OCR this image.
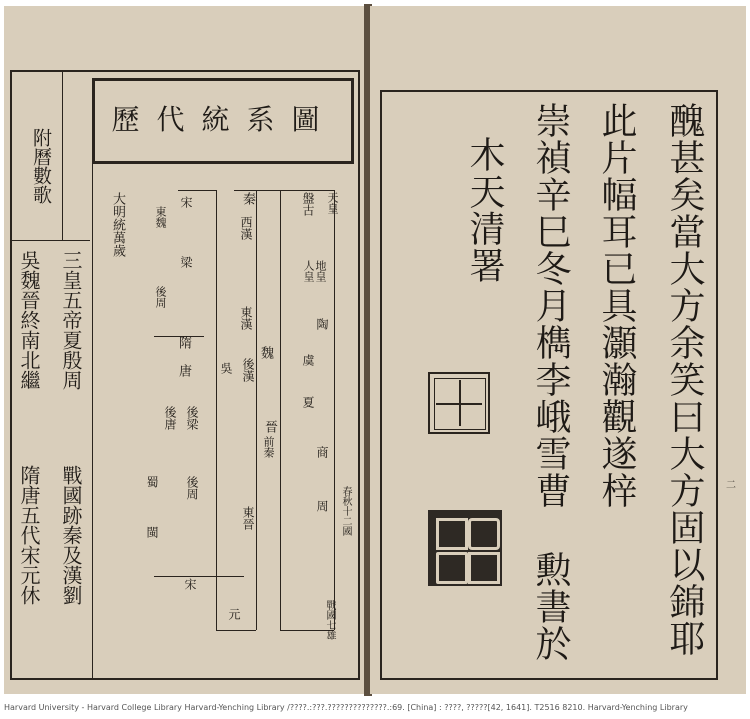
歷代統系圖
附曆數歌
三皇五帝夏殷周
戰國跡秦及漢劉
吳魏晉終南北繼
隋唐五代宋元休
大明統萬歲	宋
梁
隋
唐
東魏
後周
後梁
後唐
後周
蜀
閩
秦
西漢
東漢
晉
宋
元
吳 後漢
魏
東晉
前秦
盤古 天皇
地皇
人皇
陶
虞
夏
商
周 春秋十二國
戰國七雄	醜甚矣當大方余笑曰大方固以錦耶
此片幅耳已具灝瀚觀遂梓
崇禎辛巳冬月檇李峨雪曹 勲書於
木天清署
二
Harvard University - Harvard College Library Harvard-Yenching Library /????.:???.??????????????.:69. [China] : ????, ?????[42, 1641]. T2516 8210. Harvard-Yenching Library
